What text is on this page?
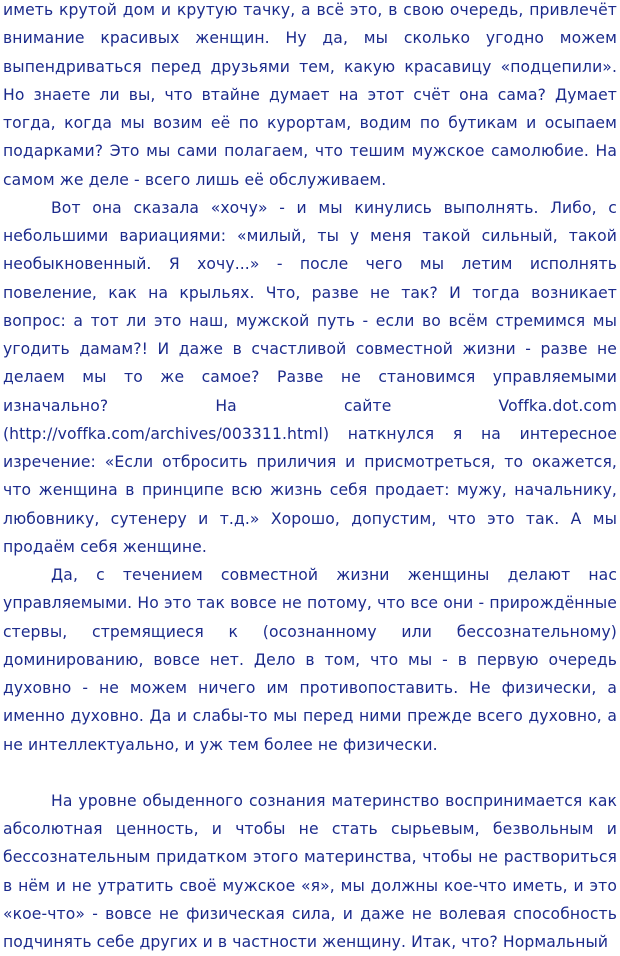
иметь крутой дом и крутую тачку, а всё это, в свою очередь, привлечёт внимание красивых женщин. Ну да, мы сколько угодно можем выпендриваться перед друзьями тем, какую красавицу «подцепили». Но знаете ли вы, что втайне думает на этот счёт она сама? Думает тогда, когда мы возим её по курортам, водим по бутикам и осыпаем подарками? Это мы сами полагаем, что тешим мужское самолюбие. На самом же деле - всего лишь её обслуживаем.

Вот она сказала «хочу» - и мы кинулись выполнять. Либо, с небольшими вариациями: «милый, ты у меня такой сильный, такой необыкновенный. Я хочу...» - после чего мы летим исполнять повеление, как на крыльях. Что, разве не так? И тогда возникает вопрос: а тот ли это наш, мужской путь - если во всём стремимся мы угодить дамам?! И даже в счастливой совместной жизни - разве не делаем мы то же самое? Разве не становимся управляемыми изначально? На сайте Voffka.dot.com (http://voffka.com/archives/003311.html) наткнулся я на интересное изречение: «Если отбросить приличия и присмотреться, то окажется, что женщина в принципе всю жизнь себя продает: мужу, начальнику, любовнику, сутенеру и т.д.» Хорошо, допустим, что это так. А мы продаём себя женщине.

Да, с течением совместной жизни женщины делают нас управляемыми. Но это так вовсе не потому, что все они - прирождённые стервы, стремящиеся к (осознанному или бессознательному) доминированию, вовсе нет. Дело в том, что мы - в первую очередь духовно - не можем ничего им противопоставить. Не физически, а именно духовно. Да и слабы-то мы перед ними прежде всего духовно, а не интеллектуально, и уж тем более не физически.

На уровне обыденного сознания материнство воспринимается как абсолютная ценность, и чтобы не стать сырьевым, безвольным и бессознательным придатком этого материнства, чтобы не раствориться в нём и не утратить своё мужское «я», мы должны кое-что иметь, и это «кое-что» - вовсе не физическая сила, и даже не волевая способность подчинять себе других и в частности женщину. Итак, что? Нормальный
